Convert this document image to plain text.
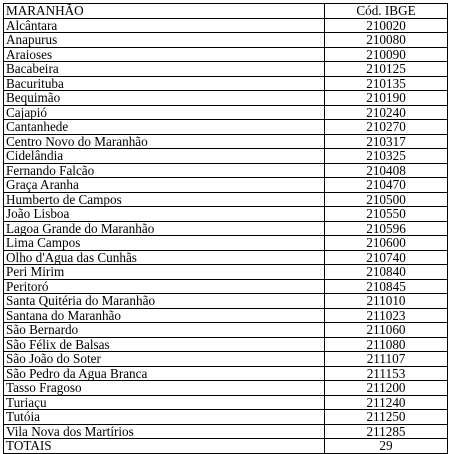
MARANHÃO	Cód. IBGE
Alcântara	210020
Anapurus	210080
Araioses	210090
Bacabeira	210125
Bacurituba	210135
Bequimão	210190
Cajapió	210240
Cantanhede	210270
Centro Novo do Maranhão	210317
Cidelândia	210325
Fernando Falcão	210408
Graça Aranha	210470
Humberto de Campos	210500
João Lisboa	210550
Lagoa Grande do Maranhão	210596
Lima Campos	210600
Olho d'Agua das Cunhãs	210740
Peri Mirim	210840
Peritoró	210845
Santa Quitéria do Maranhão	211010
Santana do Maranhão	211023
São Bernardo	211060
São Félix de Balsas	211080
São João do Soter	211107
São Pedro da Agua Branca	211153
Tasso Fragoso	211200
Turiaçu	211240
Tutóia	211250
Vila Nova dos Martírios	211285
TOTAIS	29
